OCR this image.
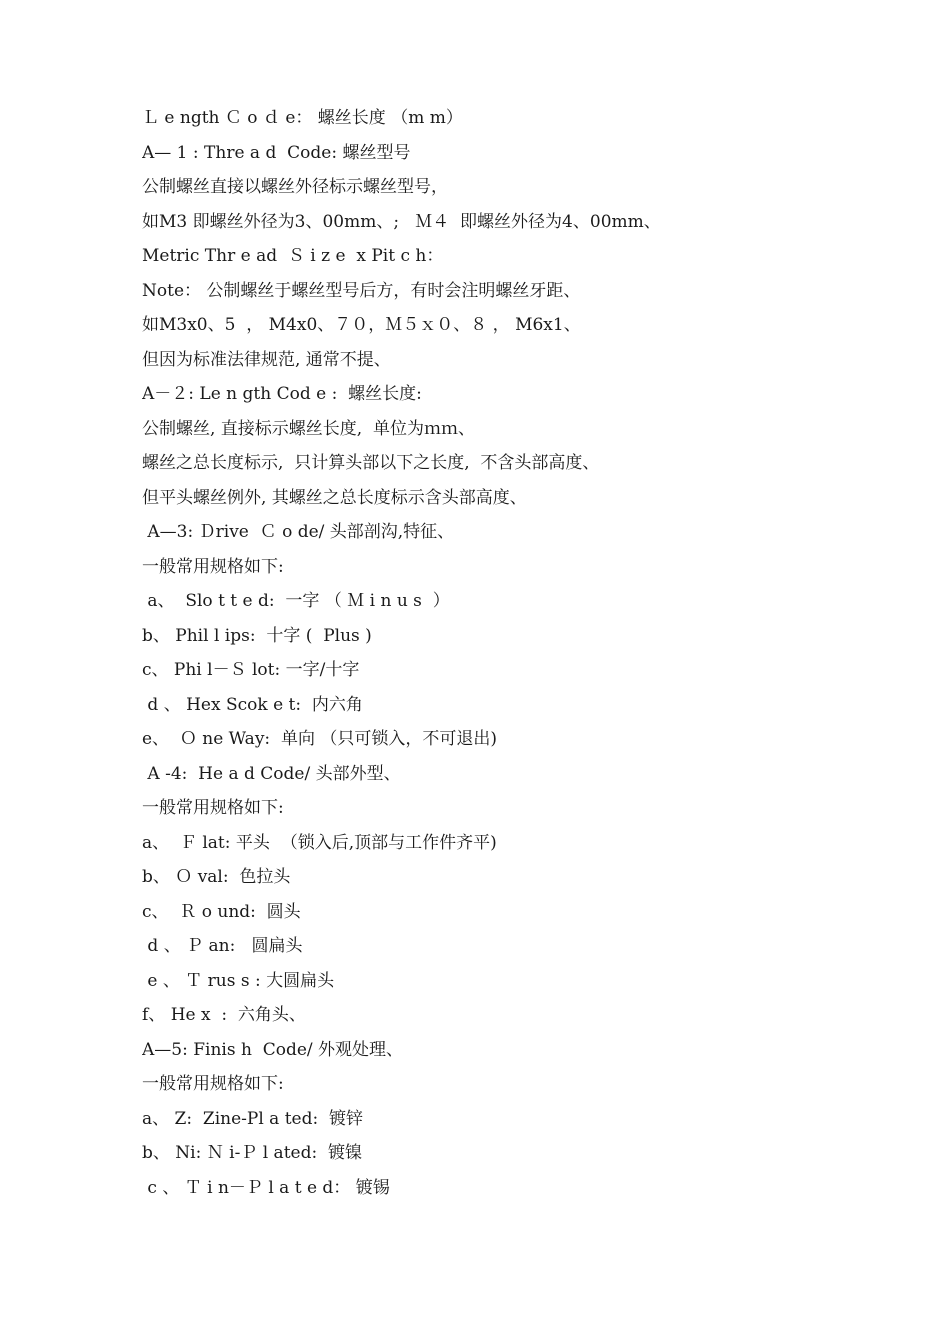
Ｌ e ngth Ｃ o ｄ e： 螺丝长度 （m m）
A— 1 : Thre a d  Code: 螺丝型号
公制螺丝直接以螺丝外径标示螺丝型号，
如M3 即螺丝外径为3、00mm、;   Ｍ４  即螺丝外径为4、00mm、
Metric Thr e ad  Ｓ i z e  x Pit c h：
Note： 公制螺丝于螺丝型号后方，有时会注明螺丝牙距、
如M3x0、5  ， M4x0、７０，Ｍ５ｘ０、８ ， M6x1、
但因为标准法律规范, 通常不提、
A－２: Le n gth Cod e :  螺丝长度:
公制螺丝, 直接标示螺丝长度,  单位为ｍｍ、
螺丝之总长度标示,  只计算头部以下之长度,  不含头部高度、
但平头螺丝例外, 其螺丝之总长度标示含头部高度、
A—3: Ｄrive  Ｃ o de/ 头部剖沟,特征、
一般常用规格如下:
a、  Slo t t e d:  一字 （ Ｍ i n u s  ）
b、 Phil l ips:  十字 (  Plus )
c、 Phi l－Ｓ lot: 一字/十字
d 、 Hex Scok e t:  内六角
e、  Ｏ ne Way:  单向 （只可锁入，不可退出)
A -4:  He a d Code/ 头部外型、
一般常用规格如下:
a、  Ｆ lat: 平头  （锁入后,顶部与工作件齐平)
b、 Ｏ val:  色拉头
c、  Ｒ o und:  圆头
d 、 Ｐ an:   圆扁头
e 、 Ｔ rus s : 大圆扁头
f、 He x  :  六角头、
A—5: Finis h  Code/ 外观处理、
一般常用规格如下:
a、 Z:  Zine-Pl a ted:  镀锌
b、 Ni: Ｎ i-Ｐ l ated:  镀镍
c 、 Ｔ i n－Ｐ l a t e d： 镀锡
